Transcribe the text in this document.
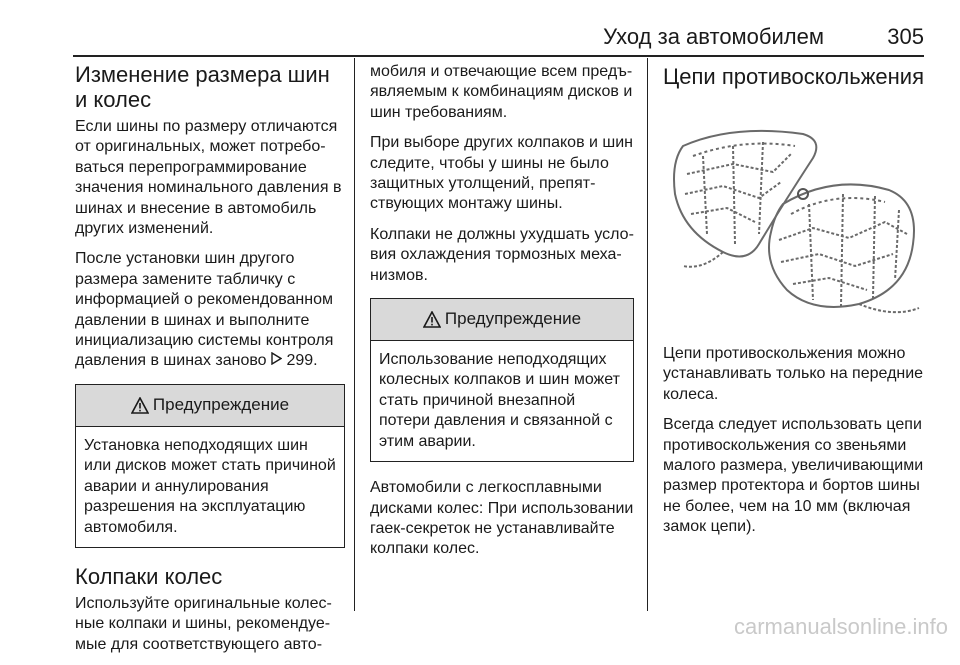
Уход за автомобилем	305
Изменение размера шин и колес

Если шины по размеру отличаются от оригинальных, может потребоваться перепрограммирование значения номинального давления в шинах и внесение в автомобиль других изменений.

После установки шин другого размера замените табличку с информацией о рекомендованном давлении в шинах и выполните инициализацию системы контроля давления в шинах заново  299.

Предупреждение
Установка неподходящих шин или дисков может стать причиной аварии и аннулирования разрешения на эксплуатацию автомобиля.
Колпаки колес

Используйте оригинальные колесные колпаки и шины, рекомендуемые для соответствующего авто-

мобиля и отвечающие всем предъявляемым к комбинациям дисков и шин требованиям.

При выборе других колпаков и шин следите, чтобы у шины не было защитных утолщений, препятствующих монтажу шины.

Колпаки не должны ухудшать условия охлаждения тормозных механизмов.

Предупреждение
Использование неподходящих колесных колпаков и шин может стать причиной внезапной потери давления и связанной с этим аварии.

Автомобили с легкосплавными дисками колес: При использовании гаек-секреток не устанавливайте колпаки колес.

Цепи противоскольжения

Цепи противоскольжения можно устанавливать только на передние колеса.

Всегда следует использовать цепи противоскольжения со звеньями малого размера, увеличивающими размер протектора и бортов шины не более, чем на 10 мм (включая замок цепи).

carmanualsonline.info
